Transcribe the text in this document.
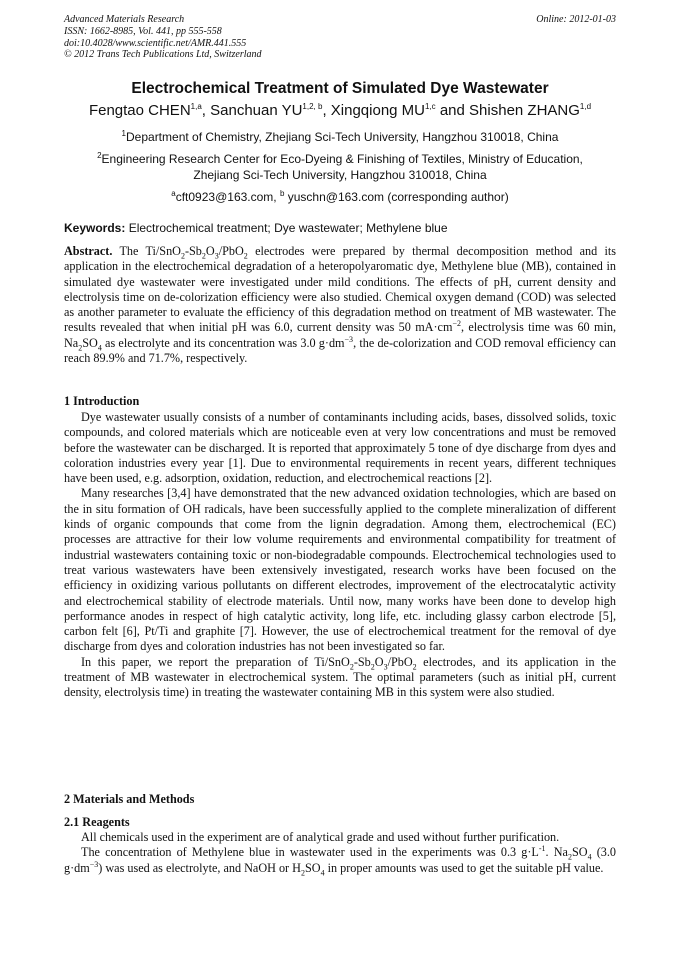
Advanced Materials Research
ISSN: 1662-8985, Vol. 441, pp 555-558
doi:10.4028/www.scientific.net/AMR.441.555
© 2012 Trans Tech Publications Ltd, Switzerland
Online: 2012-01-03
Electrochemical Treatment of Simulated Dye Wastewater
Fengtao CHEN$^{1,a}$, Sanchuan YU$^{1,2, b}$, Xingqiong MU$^{1,c}$ and Shishen ZHANG$^{1,d}$
$^1$Department of Chemistry, Zhejiang Sci-Tech University, Hangzhou 310018, China
$^2$Engineering Research Center for Eco-Dyeing & Finishing of Textiles, Ministry of Education,
Zhejiang Sci-Tech University, Hangzhou 310018, China
$^a$cft0923@163.com, $^b$ yuschn@163.com (corresponding author)
Keywords: Electrochemical treatment; Dye wastewater; Methylene blue

Abstract. The $Ti/SnO_2-Sb_2O_3/PbO_2$ electrodes were prepared by thermal decomposition method and its application in the electrochemical degradation of a heteropolyaromatic dye, Methylene blue (MB), contained in simulated dye wastewater were investigated under mild conditions. The effects of pH, current density and electrolysis time on de-colorization efficiency were also studied. Chemical oxygen demand (COD) was selected as another parameter to evaluate the efficiency of this degradation method on treatment of MB wastewater. The results revealed that when initial pH was 6.0, current density was 50 $mA\cdot cm^{-2}$, electrolysis time was 60 min, $Na_2SO_4$ as electrolyte and its concentration was 3.0 $g\cdot dm^{-3}$, the de-colorization and COD removal efficiency can reach 89.9% and 71.7%, respectively.

1 Introduction

Dye wastewater usually consists of a number of contaminants including acids, bases, dissolved solids, toxic compounds, and colored materials which are noticeable even at very low concentrations and must be removed before the wastewater can be discharged. It is reported that approximately 5 tone of dye discharge from dyes and coloration industries every year [1]. Due to environmental requirements in recent years, different techniques have been used, e.g. adsorption, oxidation, reduction, and electrochemical reactions [2].

Many researches [3,4] have demonstrated that the new advanced oxidation technologies, which are based on the in situ formation of OH radicals, have been successfully applied to the complete mineralization of different kinds of organic compounds that come from the lignin degradation. Among them, electrochemical (EC) processes are attractive for their low volume requirements and environmental compatibility for treatment of industrial wastewaters containing toxic or non-biodegradable compounds. Electrochemical technologies used to treat various wastewaters have been extensively investigated, research works have been focused on the efficiency in oxidizing various pollutants on different electrodes, improvement of the electrocatalytic activity and electrochemical stability of electrode materials. Until now, many works have been done to develop high performance anodes in respect of high catalytic activity, long life, etc. including glassy carbon electrode [5], carbon felt [6], Pt/Ti and graphite [7]. However, the use of electrochemical treatment for the removal of dye discharge from dyes and coloration industries has not been investigated so far.

In this paper, we report the preparation of $Ti/SnO_2-Sb_2O_3/PbO_2$ electrodes, and its application in the treatment of MB wastewater in electrochemical system. The optimal parameters (such as initial pH, current density, electrolysis time) in treating the wastewater containing MB in this system were also studied.

2 Materials and Methods
2.1 Reagents

All chemicals used in the experiment are of analytical grade and used without further purification.

The concentration of Methylene blue in wastewater used in the experiments was 0.3 $g\cdot L^{-1}$. $Na_2SO_4$ (3.0 $g\cdot dm^{-3}$) was used as electrolyte, and NaOH or $H_2SO_4$ in proper amounts was used to get the suitable pH value.
